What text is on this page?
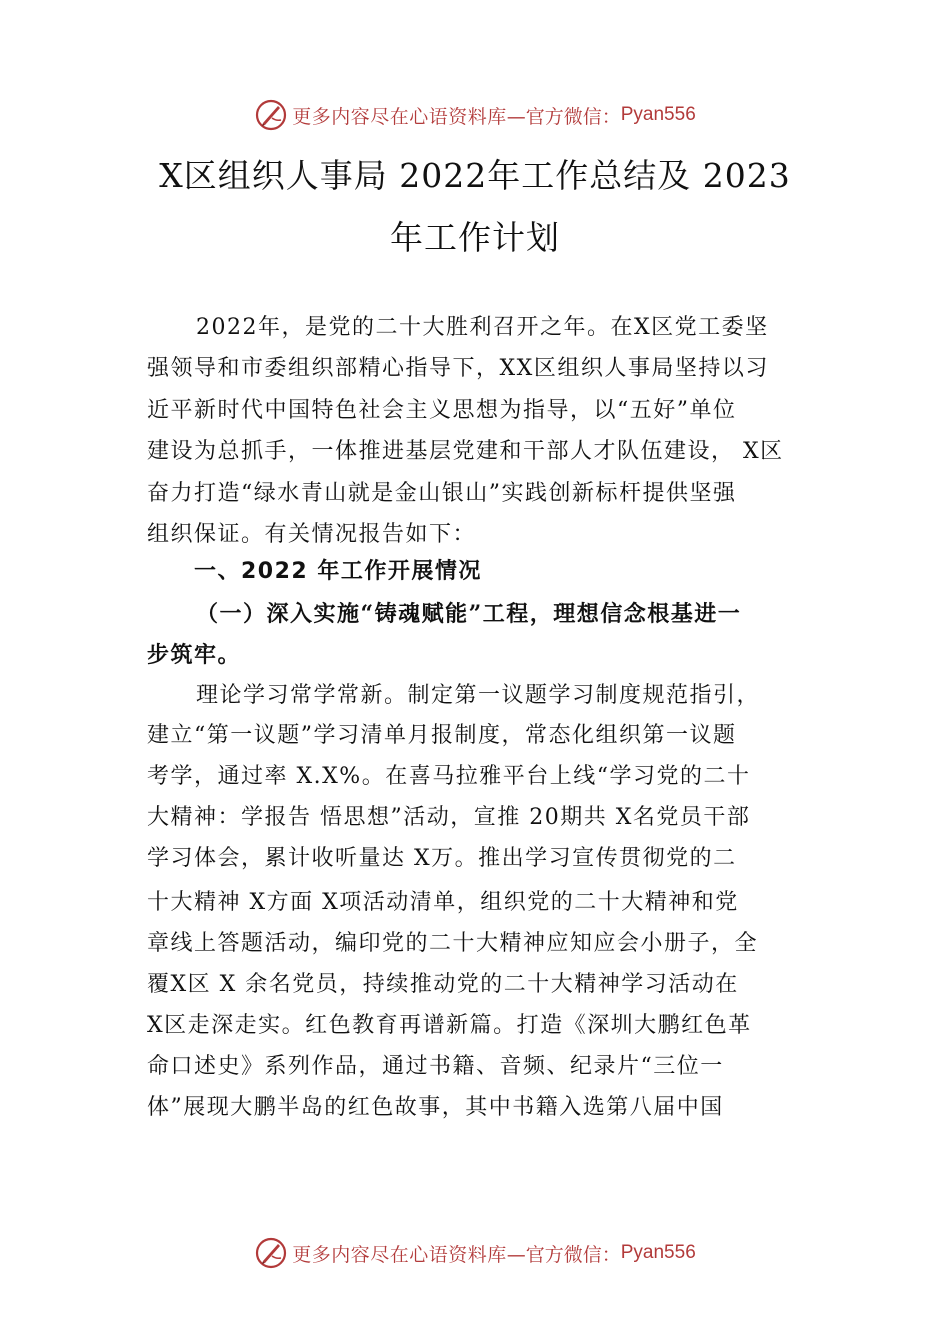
更多内容尽在心语资料库 —官方微信： Pyan556
X区组织人事局 2022年工作总结及 2023
年工作计划
2022年，是党的二十大胜利召开之年。在X区党工委坚
强领导和市委组织部精心指导下，XX区组织人事局坚持以习
近平新时代中国特色社会主义思想为指导，以“五好”单位
建设为总抓手，一体推进基层党建和干部人才队伍建设， X区
奋力打造“绿水青山就是金山银山”实践创新标杆提供坚强
组织保证。有关情况报告如下：
一、2022 年工作开展情况
（一）深入实施“铸魂赋能”工程，理想信念根基进一
步筑牢。
理论学习常学常新。制定第一议题学习制度规范指引，
建立“第一议题”学习清单月报制度，常态化组织第一议题
考学，通过率 X.X%。在喜马拉雅平台上线“学习党的二十
大精神：学报告 悟思想”活动，宣推 20期共 X名党员干部
学习体会，累计收听量达 X万。推出学习宣传贯彻党的二
十大精神 X方面 X项活动清单，组织党的二十大精神和党
章线上答题活动，编印党的二十大精神应知应会小册子，全
覆X区 X 余名党员，持续推动党的二十大精神学习活动在
X区走深走实。红色教育再谱新篇。打造《深圳大鹏红色革
命口述史》系列作品，通过书籍、音频、纪录片“三位一
体”展现大鹏半岛的红色故事，其中书籍入选第八届中国
更多内容尽在心语资料库 —官方微信： Pyan556
